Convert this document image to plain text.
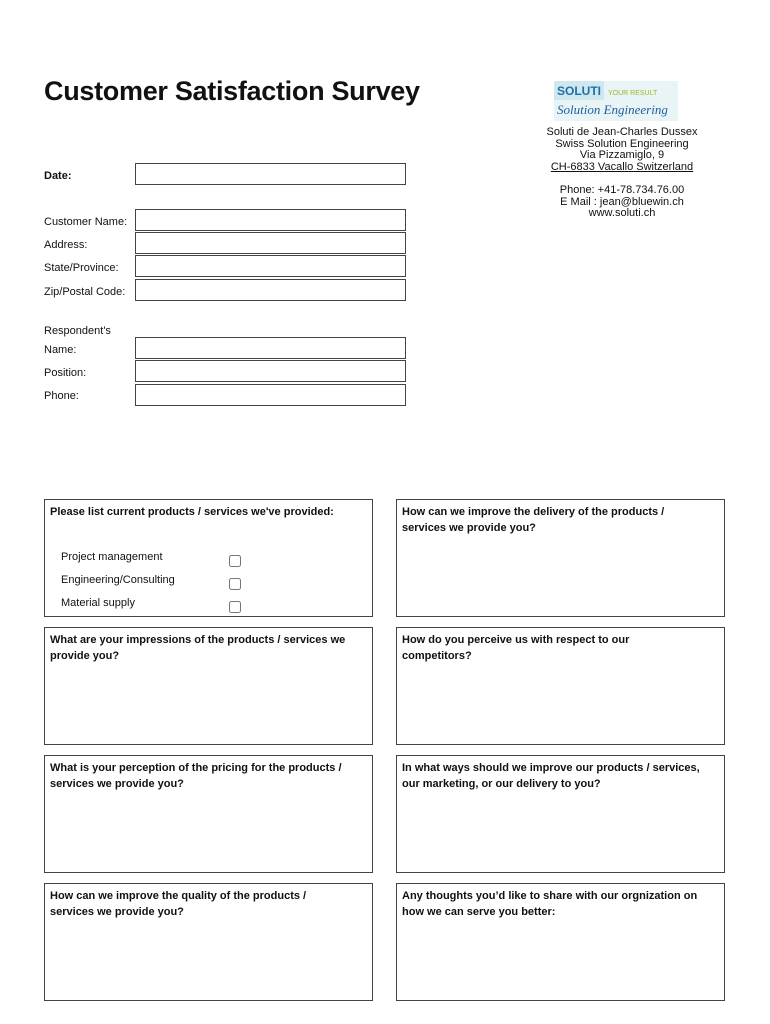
Customer Satisfaction Survey	SOLUTI YOUR RESULT
Solution Engineering
Soluti de Jean-Charles Dussex
Swiss Solution Engineering
Via Pizzamiglo, 9
CH-6833 Vacallo Switzerland
Phone: +41-78.734.76.00
E Mail : jean@bluewin.ch
www.soluti.ch
Date:
Customer Name:
Address:
State/Province:
Zip/Postal Code:
Respondent's
Name:
Position:
Phone:
Please list current products / services we've provided:
Project management
Engineering/Consulting
Material supply
How can we improve the delivery of the products / services we provide you?
What are your impressions of the products / services we provide you?
How do you perceive us with respect to our competitors?
What is your perception of the pricing for the products / services we provide you?
In what ways should we improve our products / services, our marketing, or our delivery to you?
How can we improve the quality of the products / services we provide you?
Any thoughts you’d like to share with our orgnization on how we can serve you better:
